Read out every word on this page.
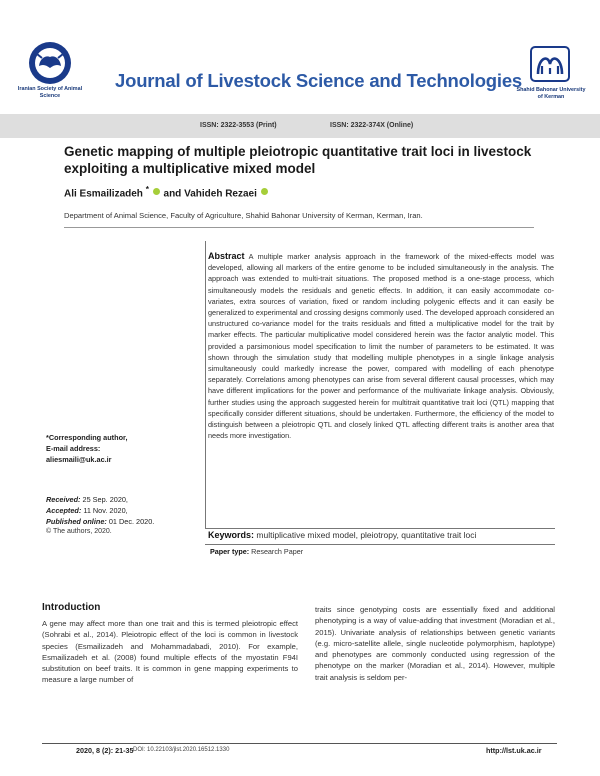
Iranian Society of Animal Science
Journal of Livestock Science and Technologies
Shahid Bahonar University of Kerman
ISSN: 2322-3553 (Print)	ISSN: 2322-374X (Online)
Genetic mapping of multiple pleiotropic quantitative trait loci in livestock exploiting a multiplicative mixed model
Ali Esmailizadeh * and Vahideh Rezaei
Department of Animal Science, Faculty of Agriculture, Shahid Bahonar University of Kerman, Kerman, Iran.
Abstract A multiple marker analysis approach in the framework of the mixed-effects model was developed, allowing all markers of the entire genome to be included simultaneously in the analysis. The approach was extended to multi-trait situations. The proposed method is a one-stage process, which simultaneously models the residuals and genetic effects. In addition, it can easily accommodate co-variates, extra sources of variation, fixed or random including polygenic effects and it can easily be generalized to experimental and crossing designs commonly used. The developed approach considered an unstructured co-variance model for the traits residuals and fitted a multiplicative model for the trait by marker effects. The particular multiplicative model considered herein was the factor analytic model. This provided a parsimonious model specification to limit the number of parameters to be estimated. It was shown through the simulation study that modelling multiple phenotypes in a single linkage analysis simultaneously could markedly increase the power, compared with modelling of each phenotype separately. Correlations among phenotypes can arise from several different causal processes, which may have different implications for the power and performance of the multivariate linkage analysis. Obviously, further studies using the approach suggested herein for multitrait quantitative trait loci (QTL) mapping that specifically consider different situations, should be undertaken. Furthermore, the efficiency of the model to distinguish between a pleiotropic QTL and closely linked QTL affecting different traits is another area that needs more investigation.
Keywords: multiplicative mixed model, pleiotropy, quantitative trait loci
Paper type: Research Paper
*Corresponding author,
E-mail address:
aliesmaili@uk.ac.ir
Received: 25 Sep. 2020,
Accepted: 11 Nov. 2020,
Published online: 01 Dec. 2020.
© The authors, 2020.
Introduction
A gene may affect more than one trait and this is termed pleiotropic effect (Sohrabi et al., 2014). Pleiotropic effect of the loci is common in livestock species (Esmailizadeh and Mohammadabadi, 2010). For example, Esmailizadeh et al. (2008) found multiple effects of the myostatin F94I substitution on beef traits. It is common in gene mapping experiments to measure a large number of
traits since genotyping costs are essentially fixed and additional phenotyping is a way of value-adding that investment (Moradian et al., 2015). Univariate analysis of relationships between genetic variants (e.g. micro-satellite allele, single nucleotide polymorphism, haplotype) and phenotypes are commonly conducted using regression of the phenotype on the marker (Moradian et al., 2014). However, multiple trait analysis is seldom per-
2020, 8 (2): 21-35 DOI: 10.22103/jlst.2020.16512.1330	http://lst.uk.ac.ir
